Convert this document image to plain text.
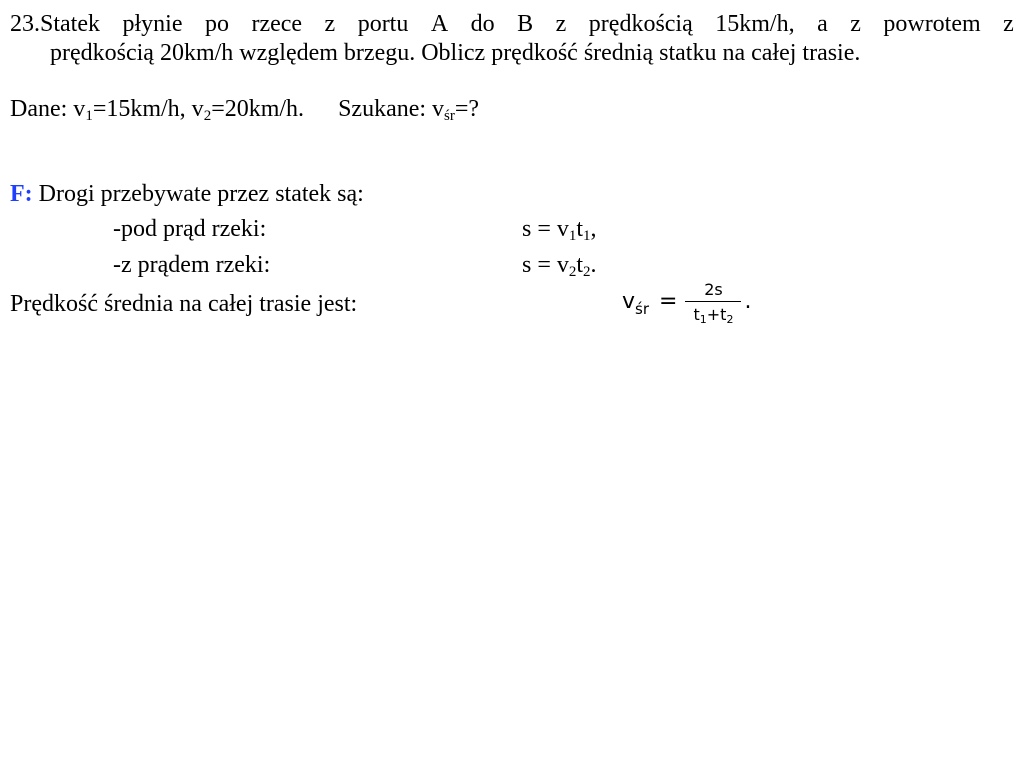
23.Statek płynie po rzece z portu A do B z prędkością 15km/h, a z powrotem z
prędkością 20km/h względem brzegu. Oblicz prędkość średnią statku na całej trasie.
Dane: $v_1=15km/h$, $v_2=20km/h$. Szukane: $v_{śr}=$?
F: Drogi przebywate przez statek są:
-pod prąd rzeki:	$s = v_1t_1$,
-z prądem rzeki:	$s = v_2t_2$.
Prędkość średnia na całej trasie jest:	$v_{śr} = \frac{2s}{t_1+t_2}$ .
